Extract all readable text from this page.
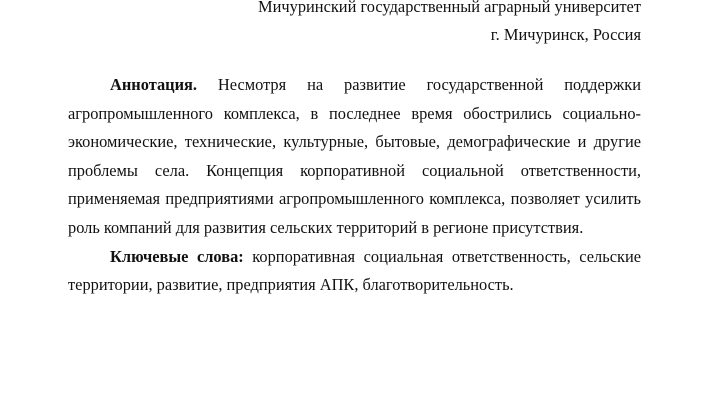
Мичуринский государственный аграрный университет

г. Мичуринск, Россия

Аннотация. Несмотря на развитие государственной поддержки агропромышленного комплекса, в последнее время обострились социально-экономические, технические, культурные, бытовые, демографические и другие проблемы села. Концепция корпоративной социальной ответственности, применяемая предприятиями агропромышленного комплекса, позволяет усилить роль компаний для развития сельских территорий в регионе присутствия.

Ключевые слова: корпоративная социальная ответственность, сельские территории, развитие, предприятия АПК, благотворительность.
